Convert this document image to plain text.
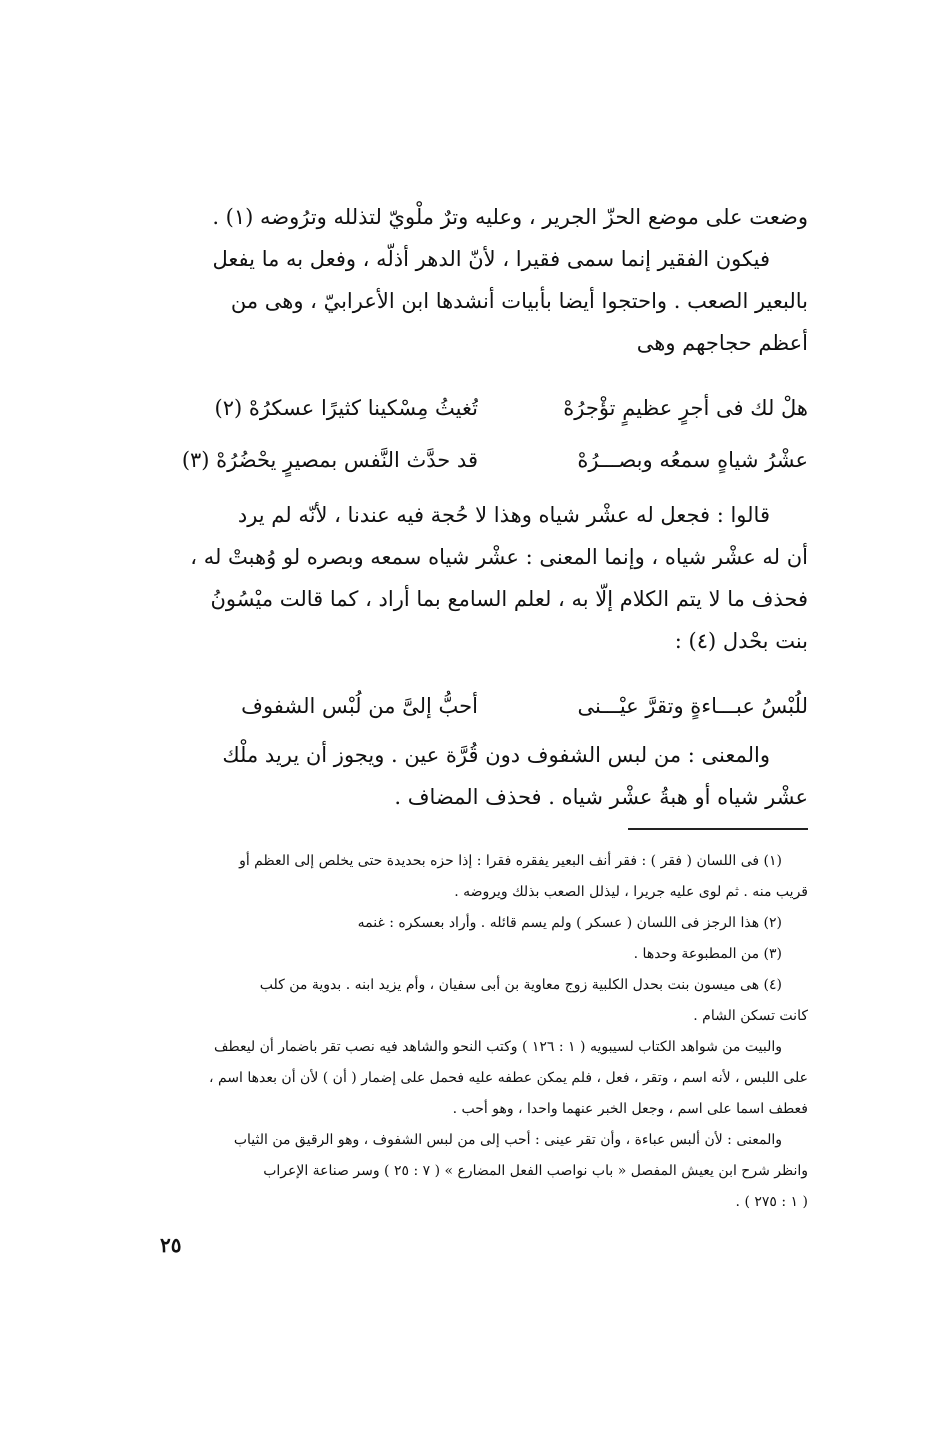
وضعت على موضع الحزّ الجرير ، وعليه وترٌ ملْويّ لتذلله وترُوضه (١) .
فيكون الفقير إنما سمى فقيرا ، لأنّ الدهر أذلّه ، وفعل به ما يفعل
بالبعير الصعب . واحتجوا أيضا بأبيات أنشدها ابن الأعرابيّ ، وهى من
أعظم حجاجهم وهى
هلْ لك فى أجرٍ عظيمٍ تؤْجرُهْ
تُغيثُ مِسْكينا كثيرًا عسكرُهْ (٢)
عشْرُ شياهٍ سمعُه وبصـــرُهْ
قد حدَّث النَّفس بمصيرٍ يحْضُرُهْ (٣)
قالوا : فجعل له عشْر شياه وهذا لا حُجة فيه عندنا ، لأنّه لم يرد
أن له عشْر شياه ، وإنما المعنى : عشْر شياه سمعه وبصره لو وُهبتْ له ،
فحذف ما لا يتم الكلام إلّا به ، لعلم السامع بما أراد ، كما قالت ميْسُونُ
بنت بحْدل (٤) :
للُبْسُ عبـــاءةٍ وتقرَّ عيْـــنى
أحبُّ إلىَّ من لُبْس الشفوف
والمعنى : من لبس الشفوف دون قُرَّة عين . ويجوز أن يريد ملْك
عشْر شياه أو هبةُ عشْر شياه . فحذف المضاف .
(١) فى اللسان ( فقر ) : فقر أنف البعير يفقره فقرا : إذا حزه بحديدة حتى يخلص إلى العظم أو
قريب منه . ثم لوى عليه جريرا ، ليذلل الصعب بذلك ويروضه .
(٢) هذا الرجز فى اللسان ( عسكر ) ولم يسم قائله . وأراد بعسكره : غنمه
(٣) من المطبوعة وحدها .
(٤) هى ميسون بنت بحدل الكلبية زوج معاوية بن أبى سفيان ، وأم يزيد ابنه . بدوية من كلب
كانت تسكن الشام .
والبيت من شواهد الكتاب لسيبويه ( ١ : ١٢٦ ) وكتب النحو والشاهد فيه نصب تقر باضمار أن ليعطف
على اللبس ، لأنه اسم ، وتقر ، فعل ، فلم يمكن عطفه عليه فحمل على إضمار ( أن ) لأن أن بعدها اسم ،
فعطف اسما على اسم ، وجعل الخبر عنهما واحدا ، وهو أحب .
والمعنى : لأن ألبس عباءة ، وأن تقر عينى : أحب إلى من لبس الشفوف ، وهو الرقيق من الثياب
وانظر شرح ابن يعيش المفصل « باب نواصب الفعل المضارع » ( ٧ : ٢٥ ) وسر صناعة الإعراب
( ١ : ٢٧٥ ) .
٢٥
